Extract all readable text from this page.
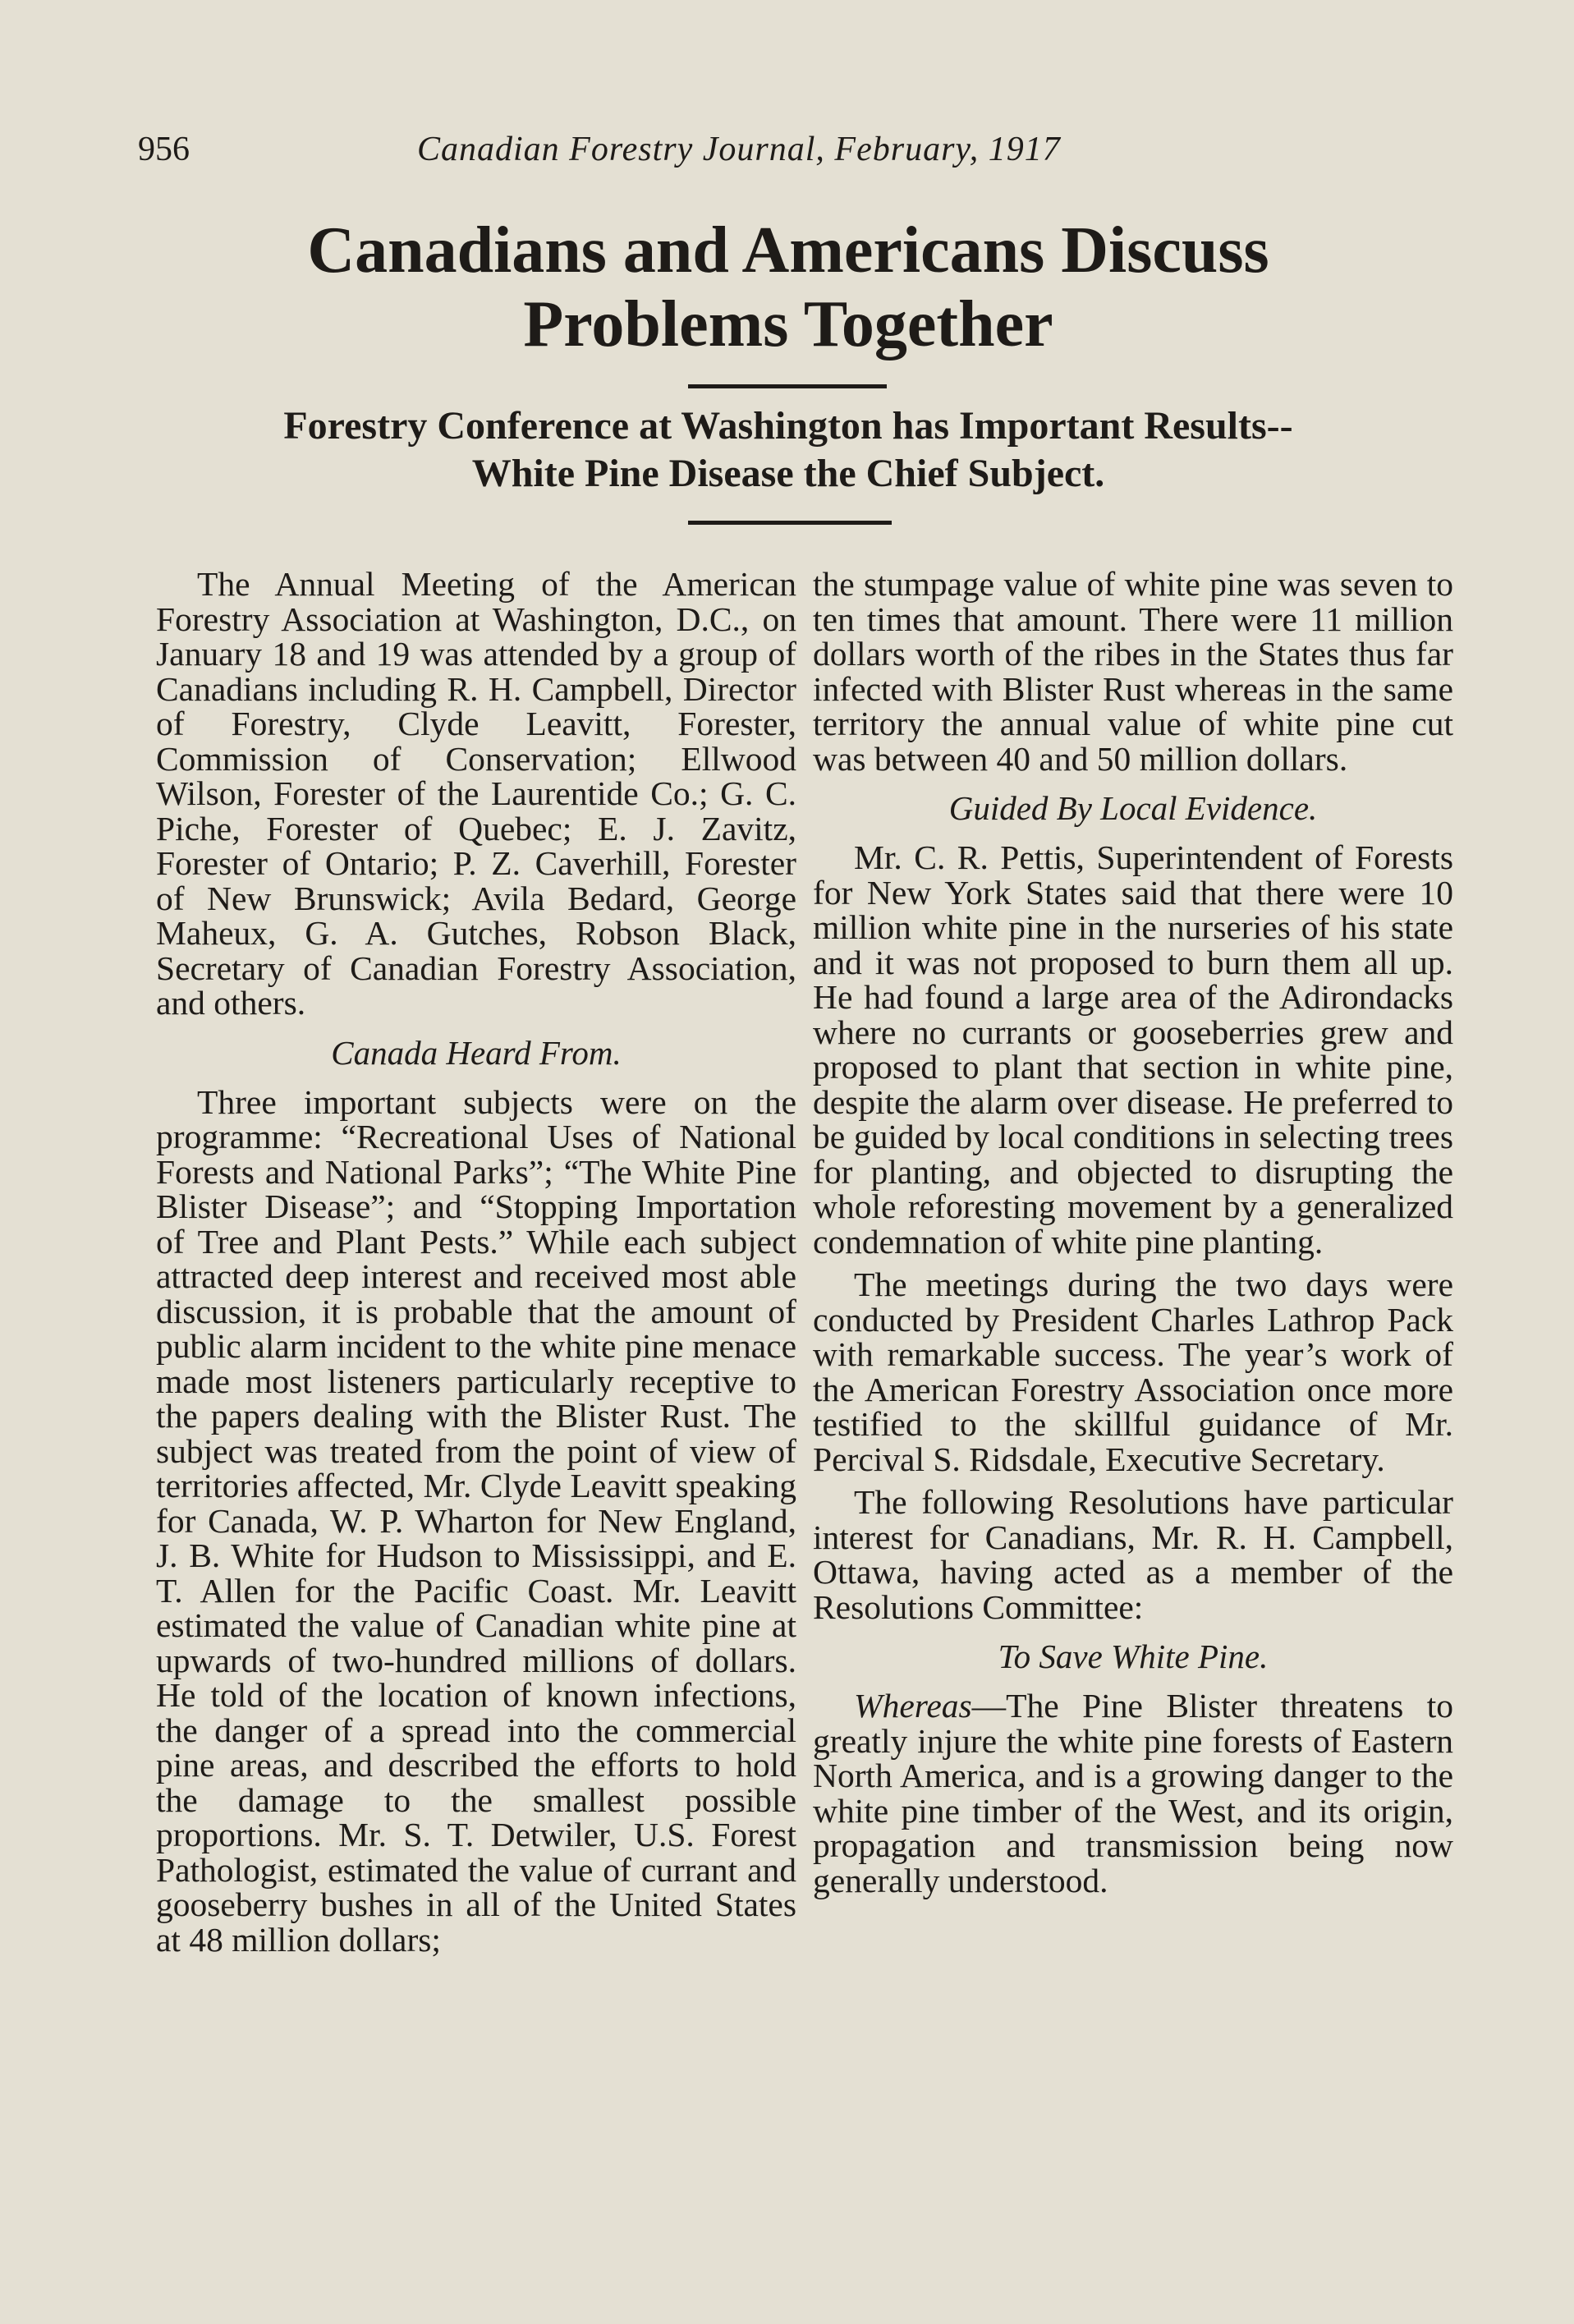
956	Canadian Forestry Journal, February, 1917
Canadians and Americans Discuss
Problems Together
Forestry Conference at Washington has Important Results--
White Pine Disease the Chief Subject.

The Annual Meeting of the American Forestry Association at Washington, D.C., on January 18 and 19 was attended by a group of Canadians including R. H. Campbell, Director of Forestry, Clyde Leavitt, Forester, Commission of Conservation; Ellwood Wilson, Forester of the Laurentide Co.; G. C. Piche, Forester of Quebec; E. J. Zavitz, Forester of Ontario; P. Z. Caverhill, Forester of New Brunswick; Avila Bedard, George Maheux, G. A. Gutches, Robson Black, Secretary of Canadian Forestry Association, and others.

Canada Heard From.

Three important subjects were on the programme: “Recreational Uses of National Forests and National Parks”; “The White Pine Blister Disease”; and “Stopping Importation of Tree and Plant Pests.” While each subject attracted deep interest and received most able discussion, it is probable that the amount of public alarm incident to the white pine menace made most listeners particularly receptive to the papers dealing with the Blister Rust. The subject was treated from the point of view of territories affected, Mr. Clyde Leavitt speaking for Canada, W. P. Wharton for New England, J. B. White for Hudson to Mississippi, and E. T. Allen for the Pacific Coast. Mr. Leavitt estimated the value of Canadian white pine at upwards of two-hundred millions of dollars. He told of the location of known infections, the danger of a spread into the commercial pine areas, and described the efforts to hold the damage to the smallest possible proportions. Mr. S. T. Detwiler, U.S. Forest Pathologist, estimated the value of currant and gooseberry bushes in all of the United States at 48 million dollars;

the stumpage value of white pine was seven to ten times that amount. There were 11 million dollars worth of the ribes in the States thus far infected with Blister Rust whereas in the same territory the annual value of white pine cut was between 40 and 50 million dollars.

Guided By Local Evidence.

Mr. C. R. Pettis, Superintendent of Forests for New York States said that there were 10 million white pine in the nurseries of his state and it was not proposed to burn them all up. He had found a large area of the Adirondacks where no currants or gooseberries grew and proposed to plant that section in white pine, despite the alarm over disease. He preferred to be guided by local conditions in selecting trees for planting, and objected to disrupting the whole reforesting movement by a generalized condemnation of white pine planting.

The meetings during the two days were conducted by President Charles Lathrop Pack with remarkable success. The year’s work of the American Forestry Association once more testified to the skillful guidance of Mr. Percival S. Ridsdale, Executive Secretary.

The following Resolutions have particular interest for Canadians, Mr. R. H. Campbell, Ottawa, having acted as a member of the Resolutions Committee:

To Save White Pine.

Whereas—The Pine Blister threatens to greatly injure the white pine forests of Eastern North America, and is a growing danger to the white pine timber of the West, and its origin, propagation and transmission being now generally understood.
